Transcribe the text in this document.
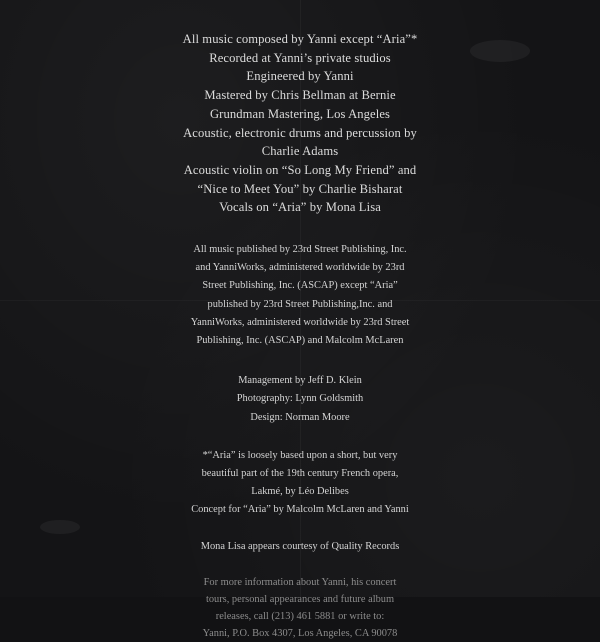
All music composed by Yanni except “Aria”*
Recorded at Yanni’s private studios
Engineered by Yanni
Mastered by Chris Bellman at Bernie
Grundman Mastering, Los Angeles
Acoustic, electronic drums and percussion by
Charlie Adams
Acoustic violin on “So Long My Friend” and
“Nice to Meet You” by Charlie Bisharat
Vocals on “Aria” by Mona Lisa
All music published by 23rd Street Publishing, Inc.
and YanniWorks, administered worldwide by 23rd
Street Publishing, Inc. (ASCAP) except “Aria”
published by 23rd Street Publishing,Inc. and
YanniWorks, administered worldwide by 23rd Street
Publishing, Inc. (ASCAP) and Malcolm McLaren
Management by Jeff D. Klein
Photography: Lynn Goldsmith
Design: Norman Moore
*“Aria” is loosely based upon a short, but very
beautiful part of the 19th century French opera,
Lakmé, by Léo Delibes
Concept for “Aria” by Malcolm McLaren and Yanni
Mona Lisa appears courtesy of Quality Records
For more information about Yanni, his concert
tours, personal appearances and future album
releases, call (213) 461 5881 or write to:
Yanni, P.O. Box 4307, Los Angeles, CA 90078
